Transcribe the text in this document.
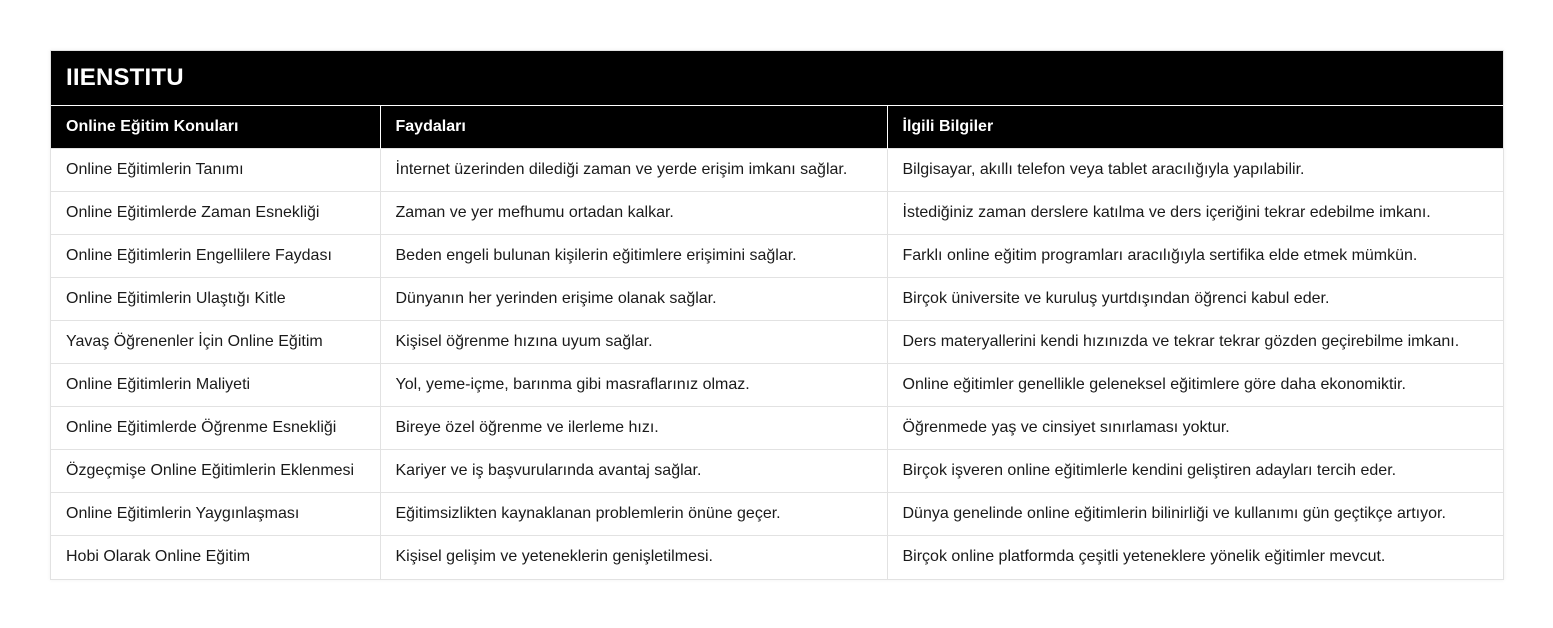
IIENSTITU
Online Eğitim Konuları	Faydaları	İlgili Bilgiler
Online Eğitimlerin Tanımı	İnternet üzerinden dilediği zaman ve yerde erişim imkanı sağlar.	Bilgisayar, akıllı telefon veya tablet aracılığıyla yapılabilir.
Online Eğitimlerde Zaman Esnekliği	Zaman ve yer mefhumu ortadan kalkar.	İstediğiniz zaman derslere katılma ve ders içeriğini tekrar edebilme imkanı.
Online Eğitimlerin Engellilere Faydası	Beden engeli bulunan kişilerin eğitimlere erişimini sağlar.	Farklı online eğitim programları aracılığıyla sertifika elde etmek mümkün.
Online Eğitimlerin Ulaştığı Kitle	Dünyanın her yerinden erişime olanak sağlar.	Birçok üniversite ve kuruluş yurtdışından öğrenci kabul eder.
Yavaş Öğrenenler İçin Online Eğitim	Kişisel öğrenme hızına uyum sağlar.	Ders materyallerini kendi hızınızda ve tekrar tekrar gözden geçirebilme imkanı.
Online Eğitimlerin Maliyeti	Yol, yeme-içme, barınma gibi masraflarınız olmaz.	Online eğitimler genellikle geleneksel eğitimlere göre daha ekonomiktir.
Online Eğitimlerde Öğrenme Esnekliği	Bireye özel öğrenme ve ilerleme hızı.	Öğrenmede yaş ve cinsiyet sınırlaması yoktur.
Özgeçmişe Online Eğitimlerin Eklenmesi	Kariyer ve iş başvurularında avantaj sağlar.	Birçok işveren online eğitimlerle kendini geliştiren adayları tercih eder.
Online Eğitimlerin Yaygınlaşması	Eğitimsizlikten kaynaklanan problemlerin önüne geçer.	Dünya genelinde online eğitimlerin bilinirliği ve kullanımı gün geçtikçe artıyor.
Hobi Olarak Online Eğitim	Kişisel gelişim ve yeteneklerin genişletilmesi.	Birçok online platformda çeşitli yeteneklere yönelik eğitimler mevcut.
